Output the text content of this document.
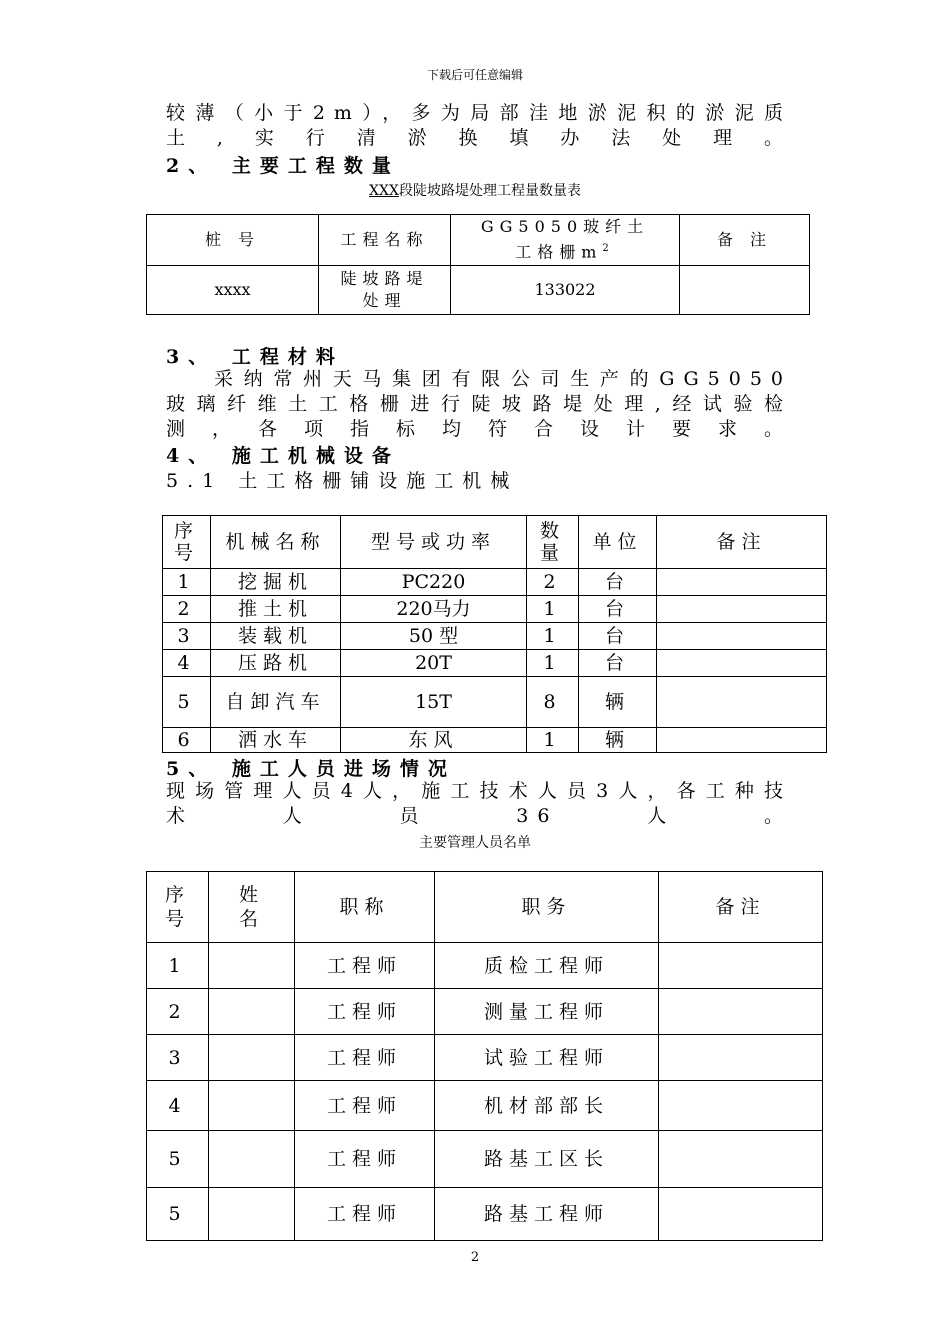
下载后可任意编辑
较薄（小于2m），多为局部洼地淤泥积的淤泥质土,实行清淤换填办法处理。
2、 主要工程数量
XXX段陡坡路堤处理工程量数量表
桩 号	工程名称	GG5050玻纤土工格栅$m^2$	备 注
xxxx	陡坡路堤处理	133022	
3、 工程材料
采纳常州天马集团有限公司生产的GG5050玻璃纤维土工格栅进行陡坡路堤处理,经试验检测，各项指标均符合设计要求。
4、 施工机械设备
5.1 土工格栅铺设施工机械
序号	机械名称	型号或功率	数量	单位	备注
1	挖掘机	PC220	2	台	
2	推土机	220马力	1	台	
3	装载机	50 型	1	台	
4	压路机	20T	1	台	
5	自卸汽车	15T	8	辆	
6	洒水车	东风	1	辆	
5、 施工人员进场情况
现场管理人员4人，施工技术人员3人，各工种技术人员36人。
主要管理人员名单
序号	姓名	职称	职务	备注
1		工程师	质检工程师	
2		工程师	测量工程师	
3		工程师	试验工程师	
4		工程师	机材部部长	
5		工程师	路基工区长	
5		工程师	路基工程师	
2
